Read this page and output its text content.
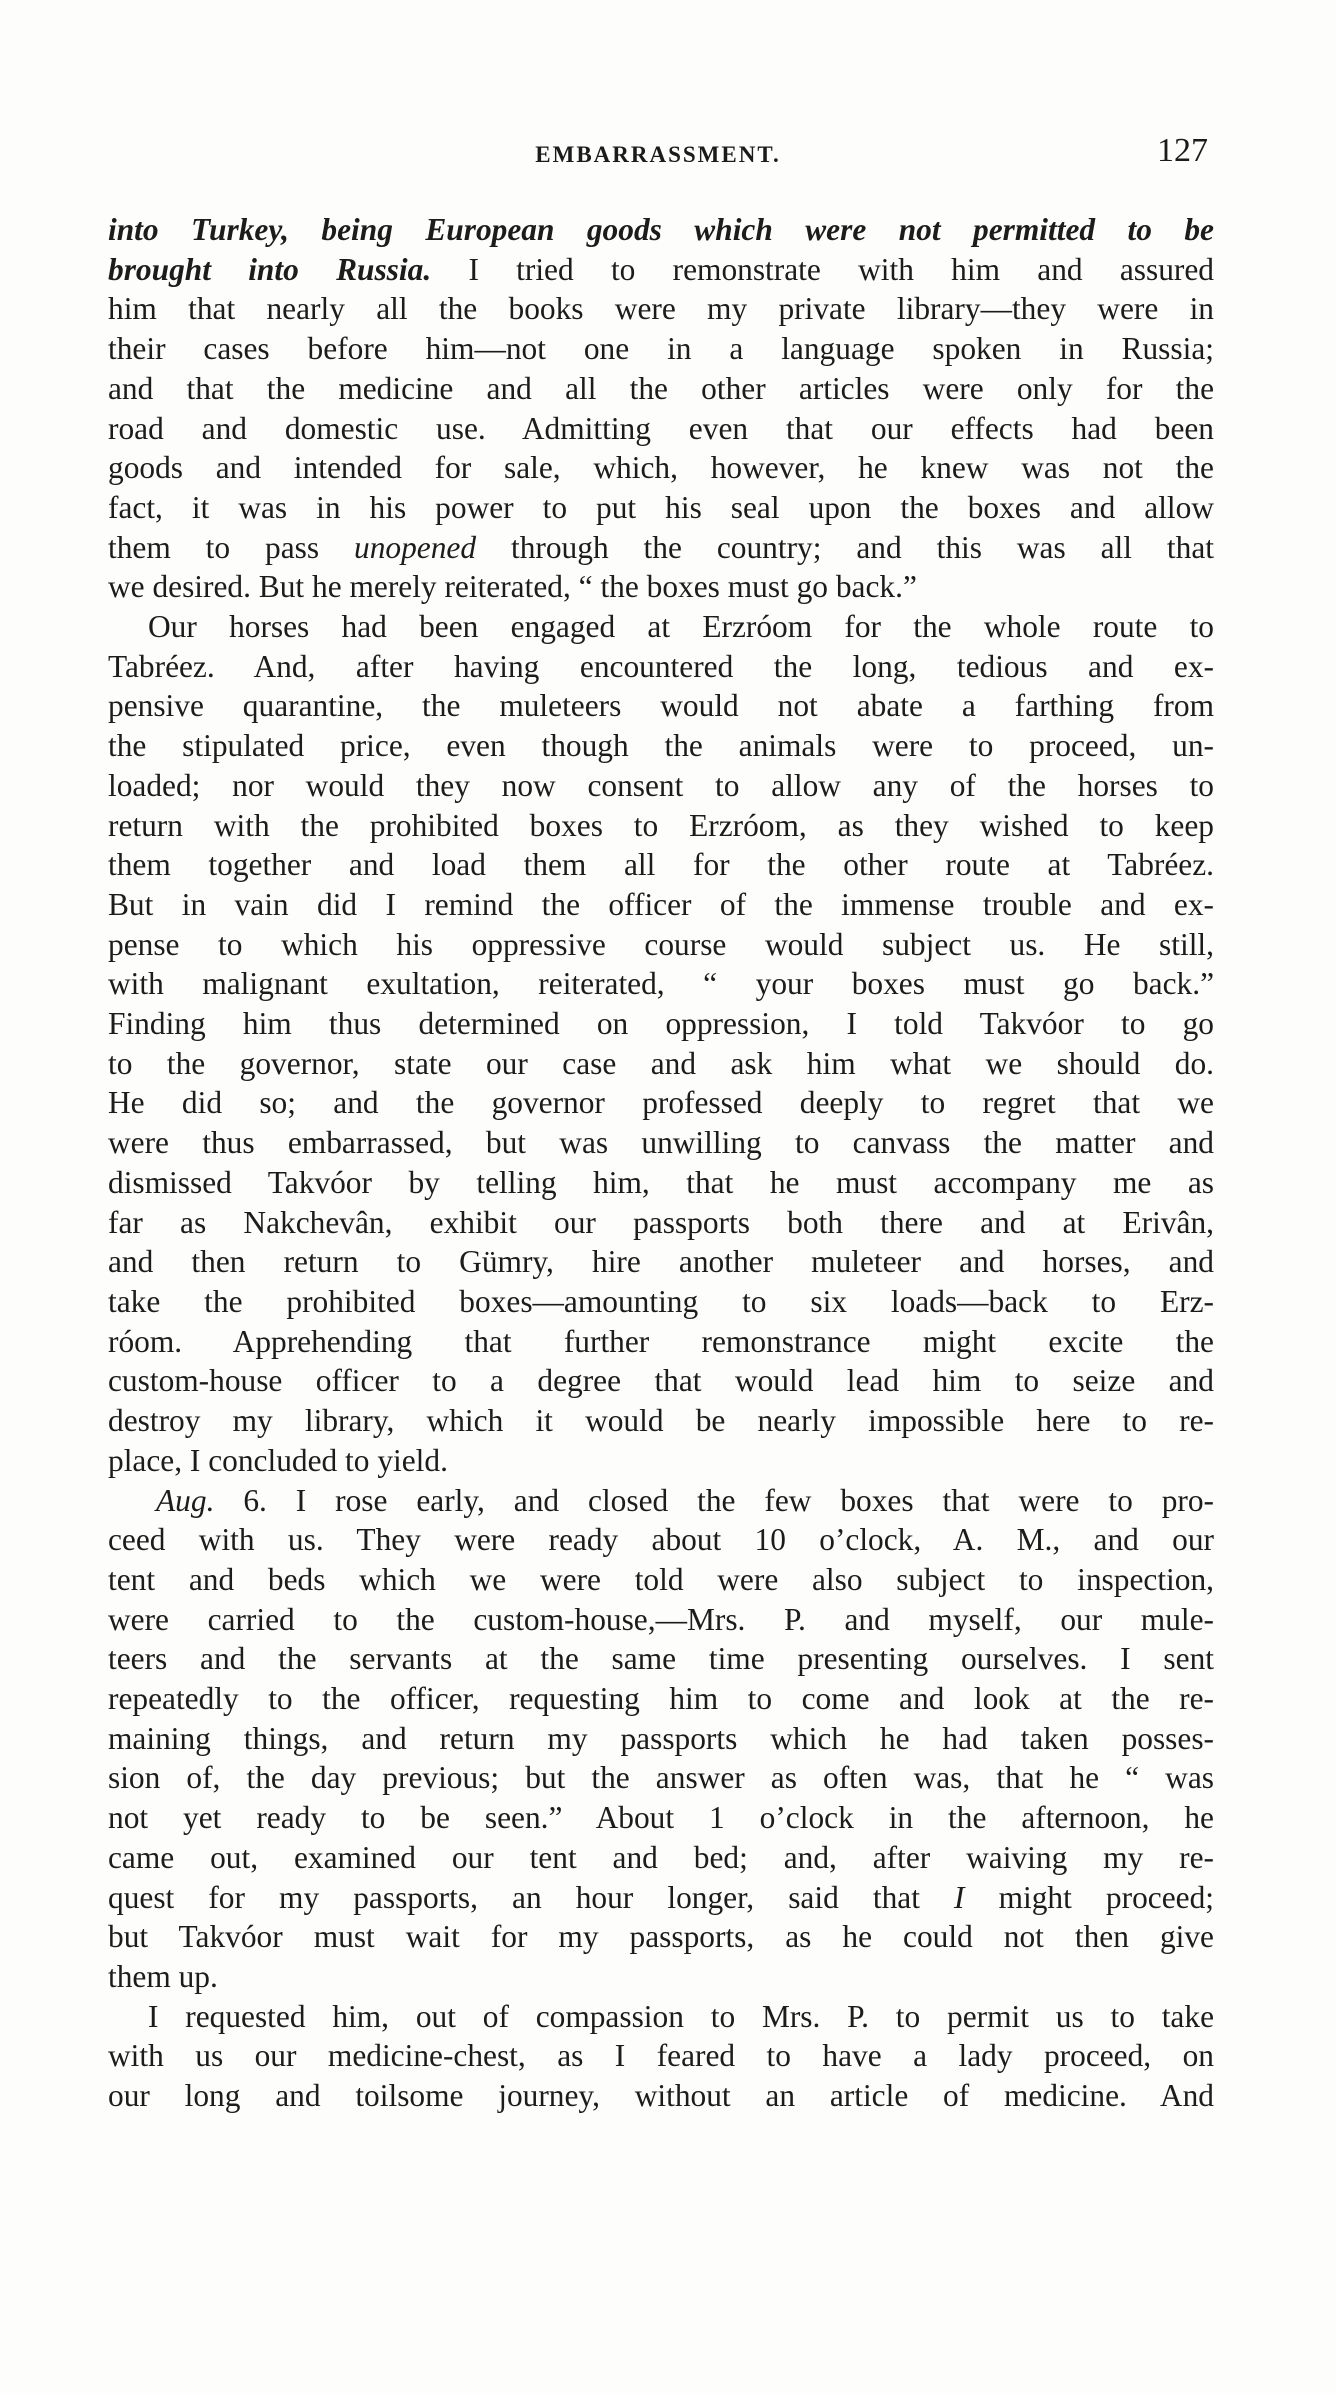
EMBARRASSMENT.	127
into Turkey, being European goods which were not permitted to be
brought into Russia. I tried to remonstrate with him and assured
him that nearly all the books were my private library—they were in
their cases before him—not one in a language spoken in Russia;
and that the medicine and all the other articles were only for the
road and domestic use. Admitting even that our effects had been
goods and intended for sale, which, however, he knew was not the
fact, it was in his power to put his seal upon the boxes and allow
them to pass unopened through the country; and this was all that
we desired. But he merely reiterated, “ the boxes must go back.”
Our horses had been engaged at Erzróom for the whole route to
Tabréez. And, after having encountered the long, tedious and ex-
pensive quarantine, the muleteers would not abate a farthing from
the stipulated price, even though the animals were to proceed, un-
loaded; nor would they now consent to allow any of the horses to
return with the prohibited boxes to Erzróom, as they wished to keep
them together and load them all for the other route at Tabréez.
But in vain did I remind the officer of the immense trouble and ex-
pense to which his oppressive course would subject us. He still,
with malignant exultation, reiterated, “ your boxes must go back.”
Finding him thus determined on oppression, I told Takvóor to go
to the governor, state our case and ask him what we should do.
He did so; and the governor professed deeply to regret that we
were thus embarrassed, but was unwilling to canvass the matter and
dismissed Takvóor by telling him, that he must accompany me as
far as Nakchevân, exhibit our passports both there and at Erivân,
and then return to Gümry, hire another muleteer and horses, and
take the prohibited boxes—amounting to six loads—back to Erz-
róom. Apprehending that further remonstrance might excite the
custom-house officer to a degree that would lead him to seize and
destroy my library, which it would be nearly impossible here to re-
place, I concluded to yield.
Aug. 6. I rose early, and closed the few boxes that were to pro-
ceed with us. They were ready about 10 o’clock, A. M., and our
tent and beds which we were told were also subject to inspection,
were carried to the custom-house,—Mrs. P. and myself, our mule-
teers and the servants at the same time presenting ourselves. I sent
repeatedly to the officer, requesting him to come and look at the re-
maining things, and return my passports which he had taken posses-
sion of, the day previous; but the answer as often was, that he “ was
not yet ready to be seen.” About 1 o’clock in the afternoon, he
came out, examined our tent and bed; and, after waiving my re-
quest for my passports, an hour longer, said that I might proceed;
but Takvóor must wait for my passports, as he could not then give
them up.
I requested him, out of compassion to Mrs. P. to permit us to take
with us our medicine-chest, as I feared to have a lady proceed, on
our long and toilsome journey, without an article of medicine. And
